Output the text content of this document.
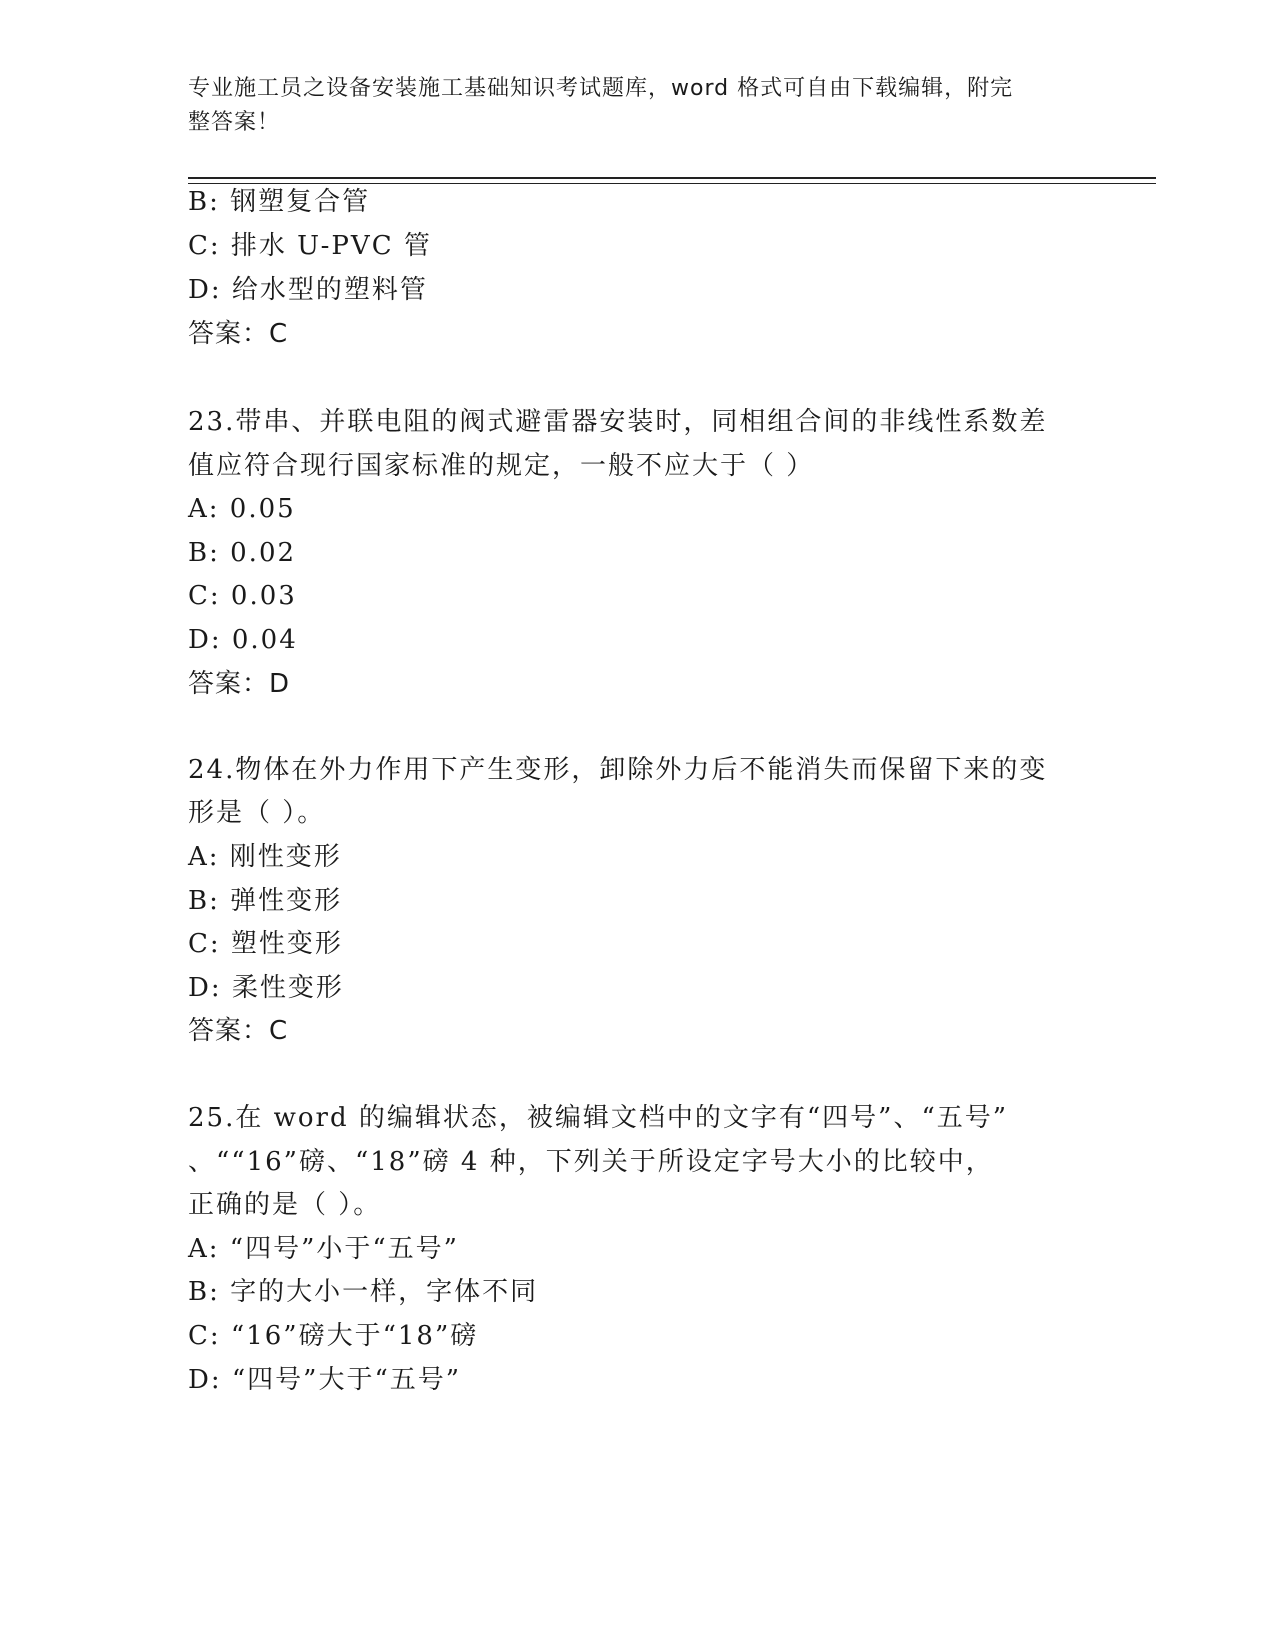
专业施工员之设备安装施工基础知识考试题库，word 格式可自由下载编辑，附完
整答案！
B: 钢塑复合管
C: 排水 U-PVC 管
D: 给水型的塑料管
答案：C
23.带串、并联电阻的阀式避雷器安装时，同相组合间的非线性系数差
值应符合现行国家标准的规定，一般不应大于（ ）
A: 0.05
B: 0.02
C: 0.03
D: 0.04
答案：D
24.物体在外力作用下产生变形，卸除外力后不能消失而保留下来的变
形是（ ）。
A: 刚性变形
B: 弹性变形
C: 塑性变形
D: 柔性变形
答案：C
25.在 word 的编辑状态，被编辑文档中的文字有“四号”、“五号”
、““16”磅、“18”磅 4 种，下列关于所设定字号大小的比较中，
正确的是（ ）。
A: “四号”小于“五号”
B: 字的大小一样，字体不同
C: “16”磅大于“18”磅
D: “四号”大于“五号”
